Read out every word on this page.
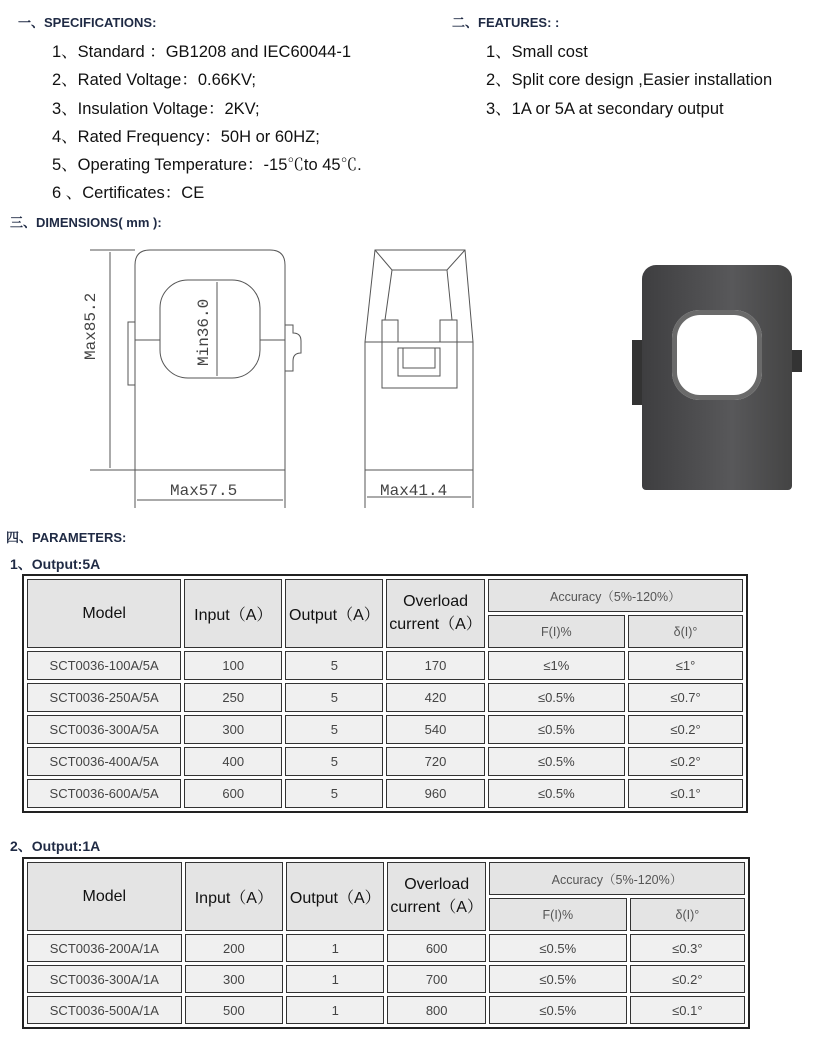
一、SPECIFICATIONS:
1、Standard ：GB1208 and IEC60044-1
2、Rated Voltage：0.66KV;
3、Insulation Voltage：2KV;
4、Rated Frequency：50H or 60HZ;
5、Operating Temperature：-15℃to 45℃.
6 、Certificates：CE
二、FEATURES: :
1、Small cost
2、Split core design ,Easier installation
3、1A or 5A at secondary output
三、DIMENSIONS( mm ):
Max85.2	Min36.0
Max57.5	Max41.4
四、PARAMETERS:
1、Output:5A
Model	Input（A）	Output（A）	Overload current（A）	Accuracy（5%-120%）	
				F(I)%	δ(I)°
SCT0036-100A/5A	100	5	170	≤1%	≤1°
SCT0036-250A/5A	250	5	420	≤0.5%	≤0.7°
SCT0036-300A/5A	300	5	540	≤0.5%	≤0.2°
SCT0036-400A/5A	400	5	720	≤0.5%	≤0.2°
SCT0036-600A/5A	600	5	960	≤0.5%	≤0.1°
2、Output:1A
Model	Input（A）	Output（A）	Overload current（A）	Accuracy（5%-120%）	
				F(I)%	δ(I)°
SCT0036-200A/1A	200	1	600	≤0.5%	≤0.3°
SCT0036-300A/1A	300	1	700	≤0.5%	≤0.2°
SCT0036-500A/1A	500	1	800	≤0.5%	≤0.1°
